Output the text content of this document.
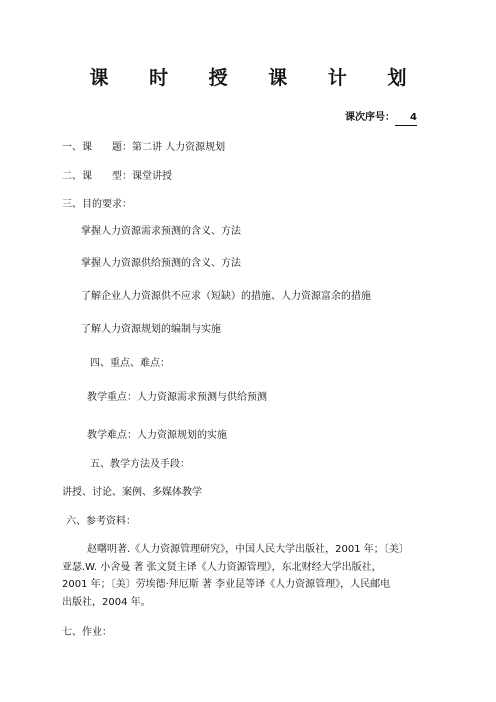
课 时 授 课 计 划
课次序号： 4
一、课　　题：第二讲 人力资源规划
二、课　　型：课堂讲授
三、目的要求：
掌握人力资源需求预测的含义、方法
掌握人力资源供给预测的含义、方法
了解企业人力资源供不应求（短缺）的措施、人力资源富余的措施
了解人力资源规划的编制与实施
四、重点、难点：
教学重点：人力资源需求预测与供给预测
教学难点：人力资源规划的实施
五、教学方法及手段：
讲授、讨论、案例、多媒体教学
六、参考资料：
赵曙明著.《人力资源管理研究》，中国人民大学出版社，2001 年；〔美〕
亚瑟.W. 小舍曼 著 张文贤主译《人力资源管理》，东北财经大学出版社，
2001 年；〔美〕劳埃德·拜厄斯 著 李业昆等译《人力资源管理》，人民邮电
出版社，2004 年。
七、作业：
